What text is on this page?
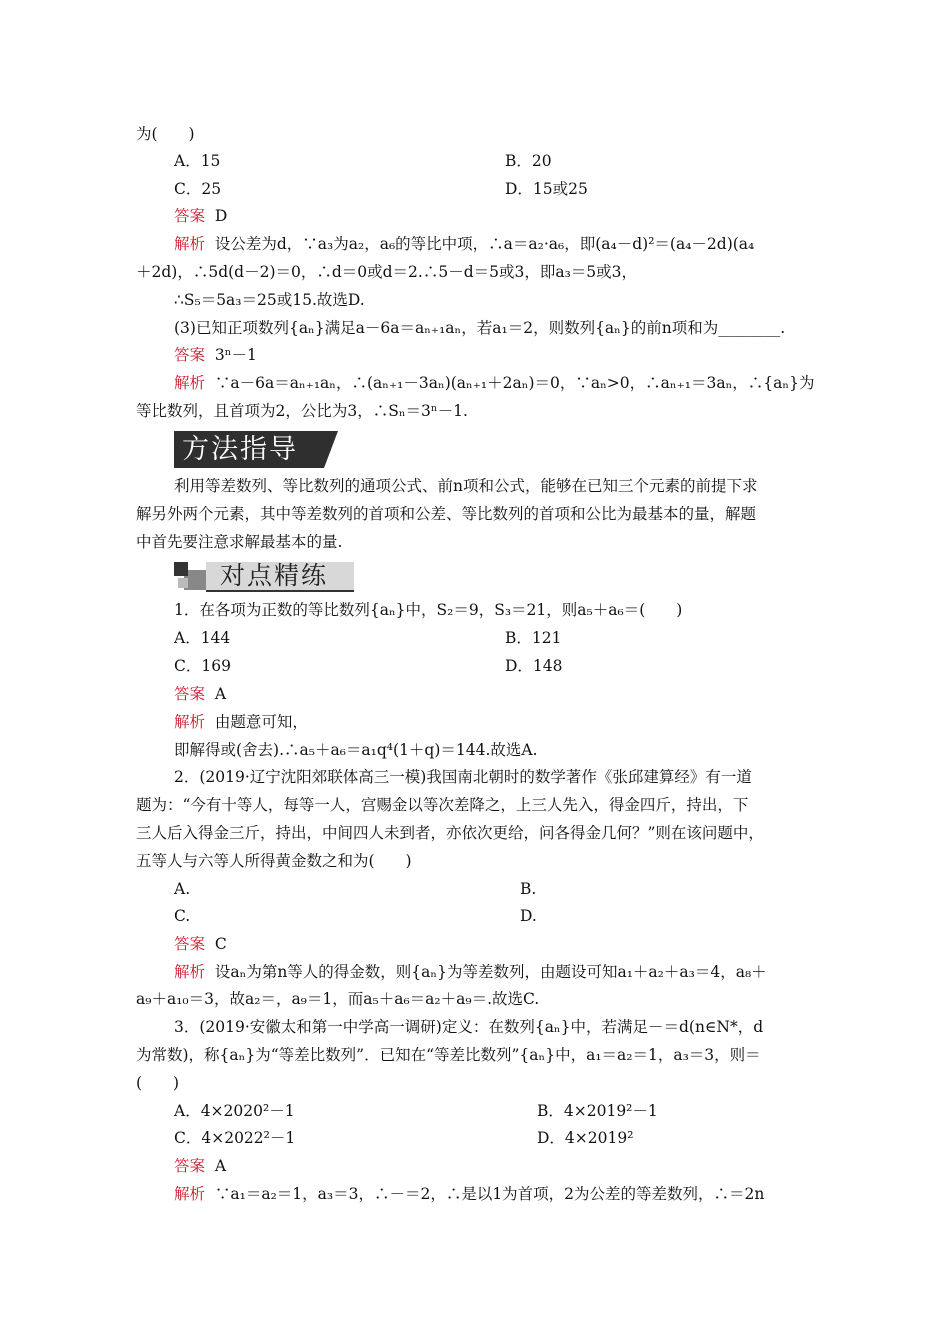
为(　　)
A．15	B．20
C．25	D．15或25
答案 D
解析 设公差为d，∵a₃为a₂，a₆的等比中项，∴a＝a₂·a₆，即(a₄－d)²＝(a₄－2d)(a₄
＋2d)，∴5d(d－2)＝0，∴d＝0或d＝2.∴5－d＝5或3，即a₃＝5或3，
∴S₅＝5a₃＝25或15.故选D.
(3)已知正项数列{aₙ}满足a－6a＝aₙ₊₁aₙ，若a₁＝2，则数列{aₙ}的前n项和为________.
答案 3ⁿ－1
解析 ∵a－6a＝aₙ₊₁aₙ，∴(aₙ₊₁－3aₙ)(aₙ₊₁＋2aₙ)＝0，∵aₙ>0，∴aₙ₊₁＝3aₙ，∴{aₙ}为
等比数列，且首项为2，公比为3，∴Sₙ＝3ⁿ－1.
方法指导
利用等差数列、等比数列的通项公式、前n项和公式，能够在已知三个元素的前提下求
解另外两个元素，其中等差数列的首项和公差、等比数列的首项和公比为最基本的量，解题
中首先要注意求解最基本的量.
对点精练
1．在各项为正数的等比数列{aₙ}中，S₂＝9，S₃＝21，则a₅＋a₆＝(　　)
A．144	B．121
C．169	D．148
答案 A
解析 由题意可知，
即解得或(舍去).∴a₅＋a₆＝a₁q⁴(1＋q)＝144.故选A.
2．(2019·辽宁沈阳郊联体高三一模)我国南北朝时的数学著作《张邱建算经》有一道
题为：“今有十等人，每等一人，宫赐金以等次差降之，上三人先入，得金四斤，持出，下
三人后入得金三斤，持出，中间四人未到者，亦依次更给，问各得金几何？”则在该问题中，
五等人与六等人所得黄金数之和为(　　)
A.	B.
C.	D.
答案 C
解析 设aₙ为第n等人的得金数，则{aₙ}为等差数列，由题设可知a₁＋a₂＋a₃＝4，a₈＋
a₉＋a₁₀＝3，故a₂＝，a₉＝1，而a₅＋a₆＝a₂＋a₉＝.故选C.
3．(2019·安徽太和第一中学高一调研)定义：在数列{aₙ}中，若满足－＝d(n∈N*，d
为常数)，称{aₙ}为“等差比数列”．已知在“等差比数列”{aₙ}中，a₁＝a₂＝1，a₃＝3，则＝
(　　)
A．4×2020²－1	B．4×2019²－1
C．4×2022²－1	D．4×2019²
答案 A
解析 ∵a₁＝a₂＝1，a₃＝3，∴－＝2，∴是以1为首项，2为公差的等差数列，∴＝2n
